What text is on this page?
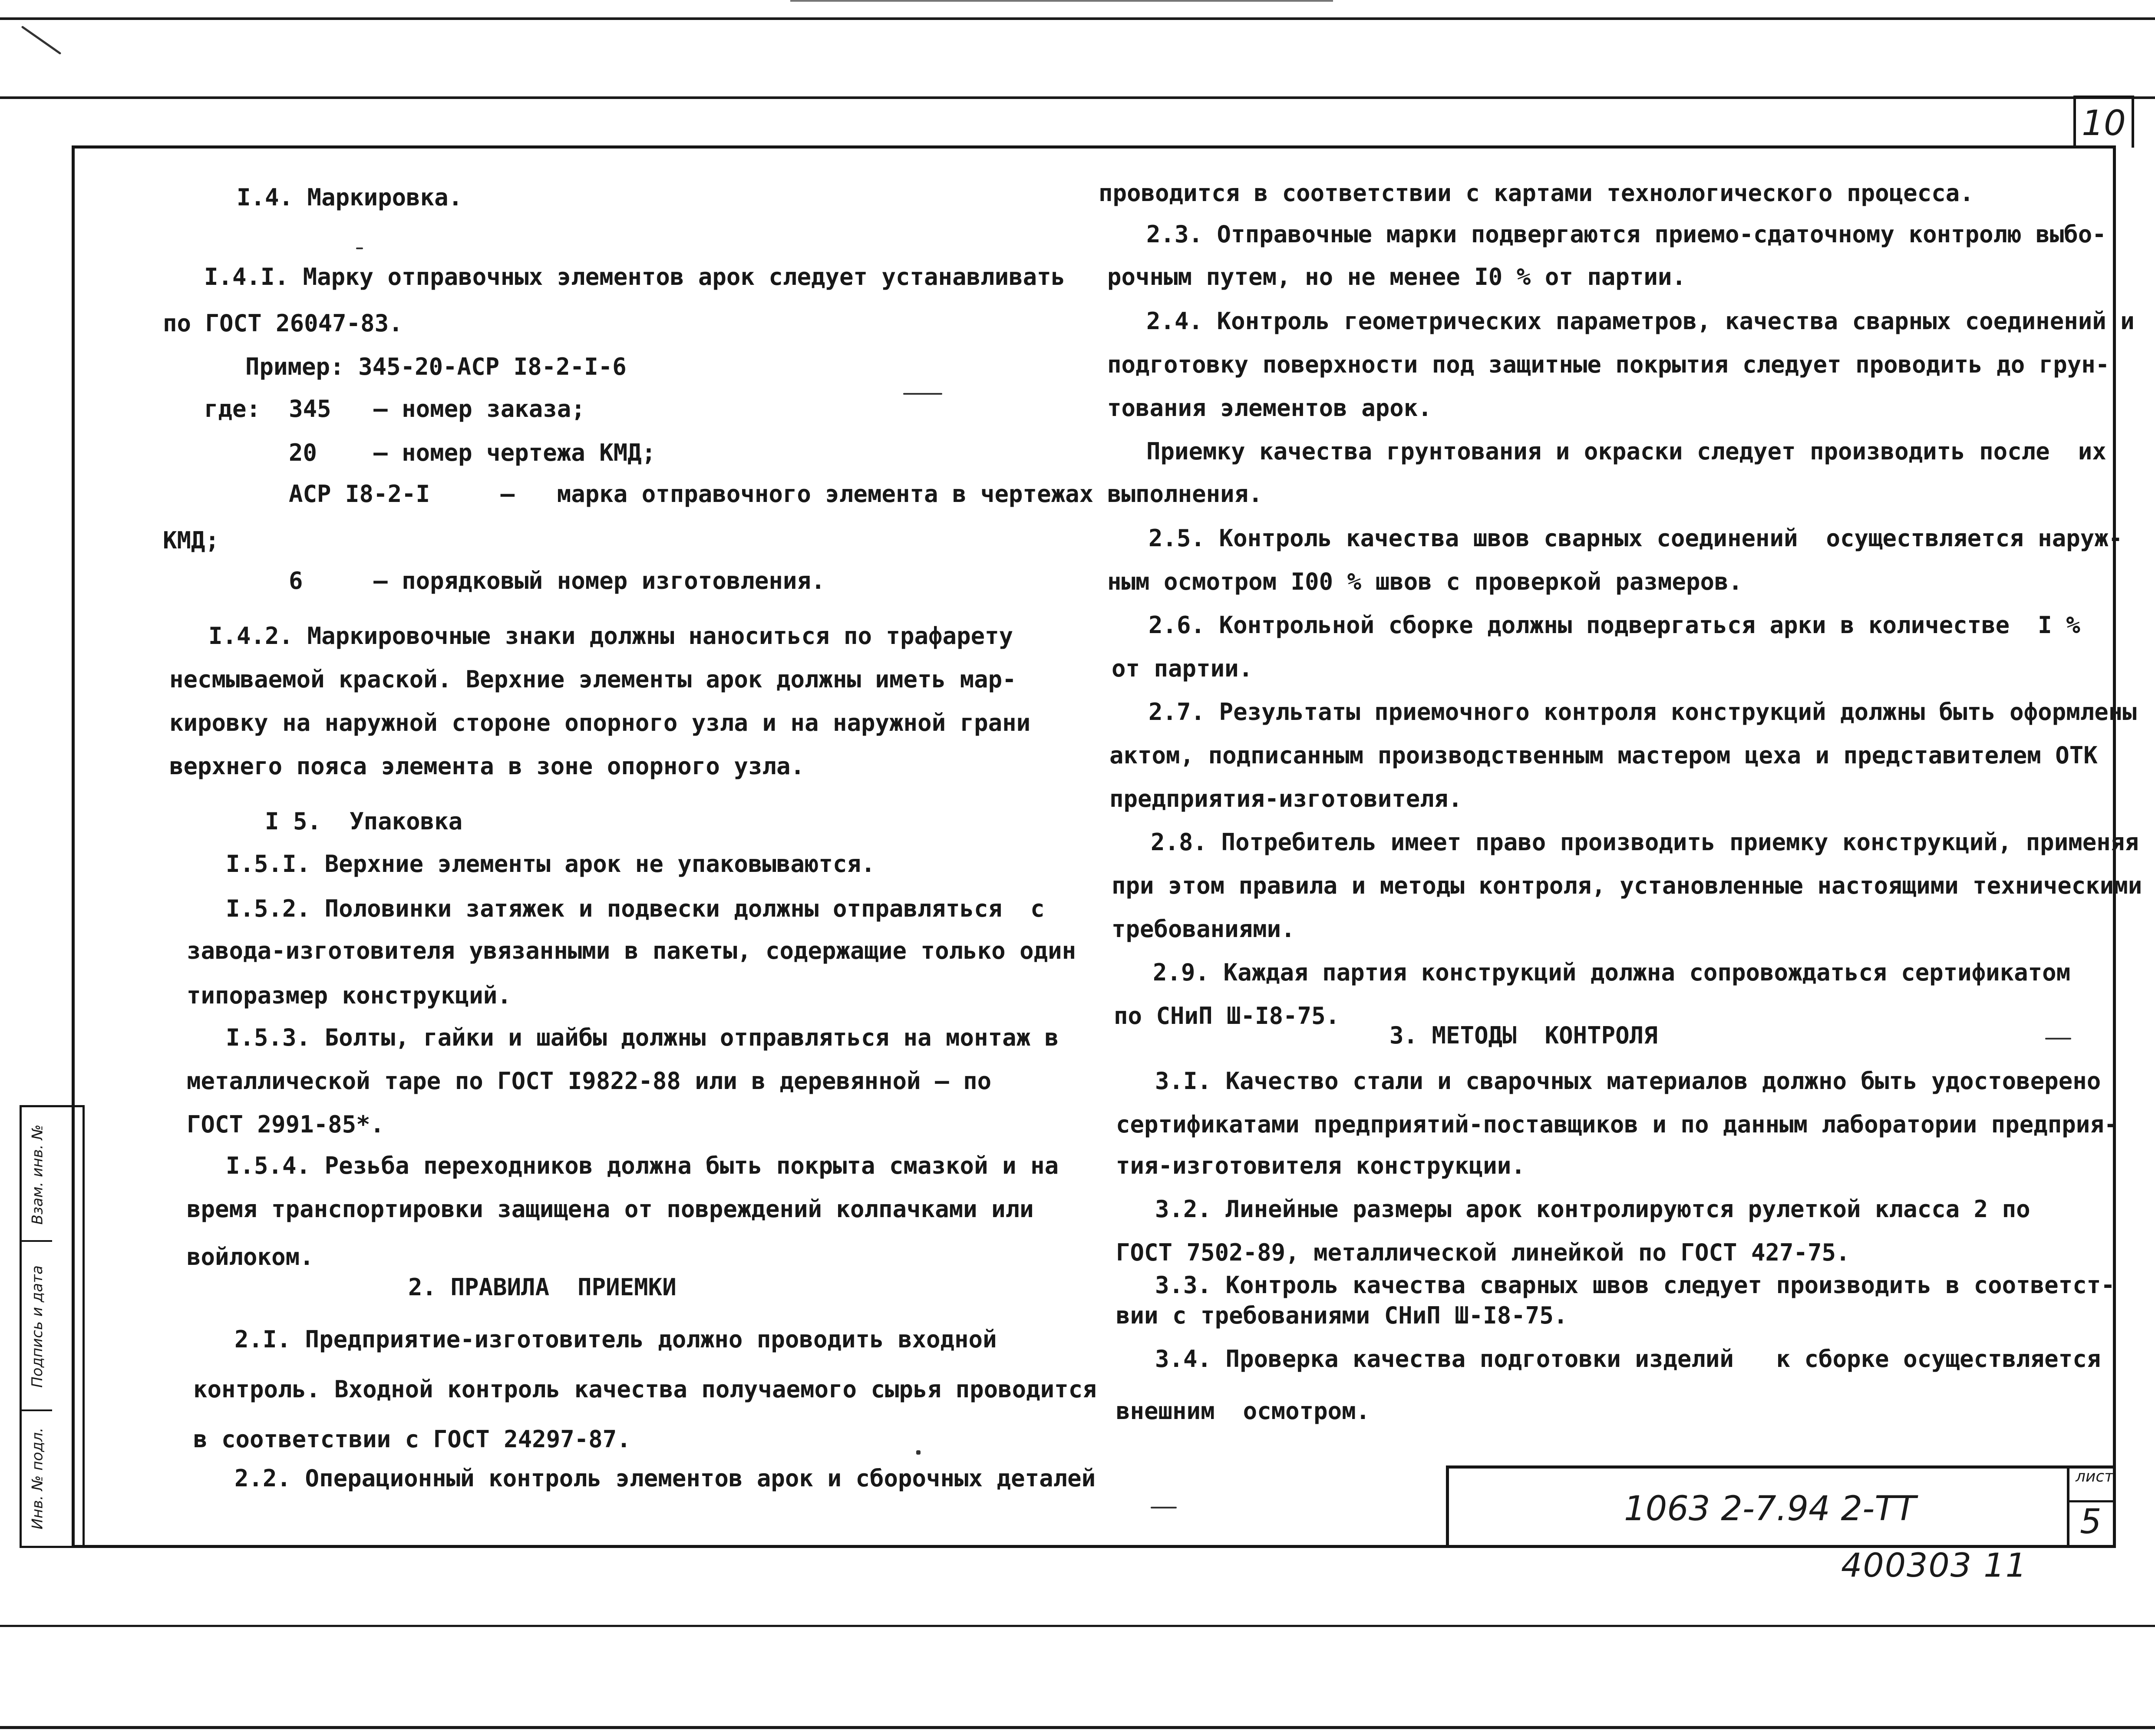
10
Взам. инв. №
Подпись и дата
Инв. № подл.
I.4. Маркировка.
I.4.I. Марку отправочных элементов арок следует устанавливать
по ГОСТ 26047-83.
Пример: 345-20-АСР I8-2-I-6
где:  345   – номер заказа;
20    – номер чертежа КМД;
АСР I8-2-I     –   марка отправочного элемента в чертежах
КМД;
6     – порядковый номер изготовления.
I.4.2. Маркировочные знаки должны наноситься по трафарету
несмываемой краской. Верхние элементы арок должны иметь мар-
кировку на наружной стороне опорного узла и на наружной грани
верхнего пояса элемента в зоне опорного узла.
I 5.  Упаковка
I.5.I. Верхние элементы арок не упаковываются.
I.5.2. Половинки затяжек и подвески должны отправляться  с
завода-изготовителя увязанными в пакеты, содержащие только один
типоразмер конструкций.
I.5.3. Болты, гайки и шайбы должны отправляться на монтаж в
металлической таре по ГОСТ I9822-88 или в деревянной – по
ГОСТ 2991-85*.
I.5.4. Резьба переходников должна быть покрыта смазкой и на
время транспортировки защищена от повреждений колпачками или
войлоком.
2. ПРАВИЛА  ПРИЕМКИ
2.I. Предприятие-изготовитель должно проводить входной
контроль. Входной контроль качества получаемого сырья проводится
в соответствии с ГОСТ 24297-87.
2.2. Операционный контроль элементов арок и сборочных деталей
проводится в соответствии с картами технологического процесса.
2.3. Отправочные марки подвергаются приемо-сдаточному контролю выбо-
рочным путем, но не менее I0 % от партии.
2.4. Контроль геометрических параметров, качества сварных соединений и
подготовку поверхности под защитные покрытия следует проводить до грун-
тования элементов арок.
Приемку качества грунтования и окраски следует производить после  их
выполнения.
2.5. Контроль качества швов сварных соединений  осуществляется наруж-
ным осмотром I00 % швов с проверкой размеров.
2.6. Контрольной сборке должны подвергаться арки в количестве  I %
от партии.
2.7. Результаты приемочного контроля конструкций должны быть оформлены
актом, подписанным производственным мастером цеха и представителем ОТК
предприятия-изготовителя.
2.8. Потребитель имеет право производить приемку конструкций, применяя
при этом правила и методы контроля, установленные настоящими техническими
требованиями.
2.9. Каждая партия конструкций должна сопровождаться сертификатом
по СНиП Ш-I8-75.
3. МЕТОДЫ  КОНТРОЛЯ
3.I. Качество стали и сварочных материалов должно быть удостоверено
сертификатами предприятий-поставщиков и по данным лаборатории предприя-
тия-изготовителя конструкции.
3.2. Линейные размеры арок контролируются рулеткой класса 2 по
ГОСТ 7502-89, металлической линейкой по ГОСТ 427-75.
3.3. Контроль качества сварных швов следует производить в соответст-
вии с требованиями СНиП Ш-I8-75.
3.4. Проверка качества подготовки изделий   к сборке осуществляется
внешним  осмотром.
1063 2-7.94 2-ТТ
лист
5
400303 11
